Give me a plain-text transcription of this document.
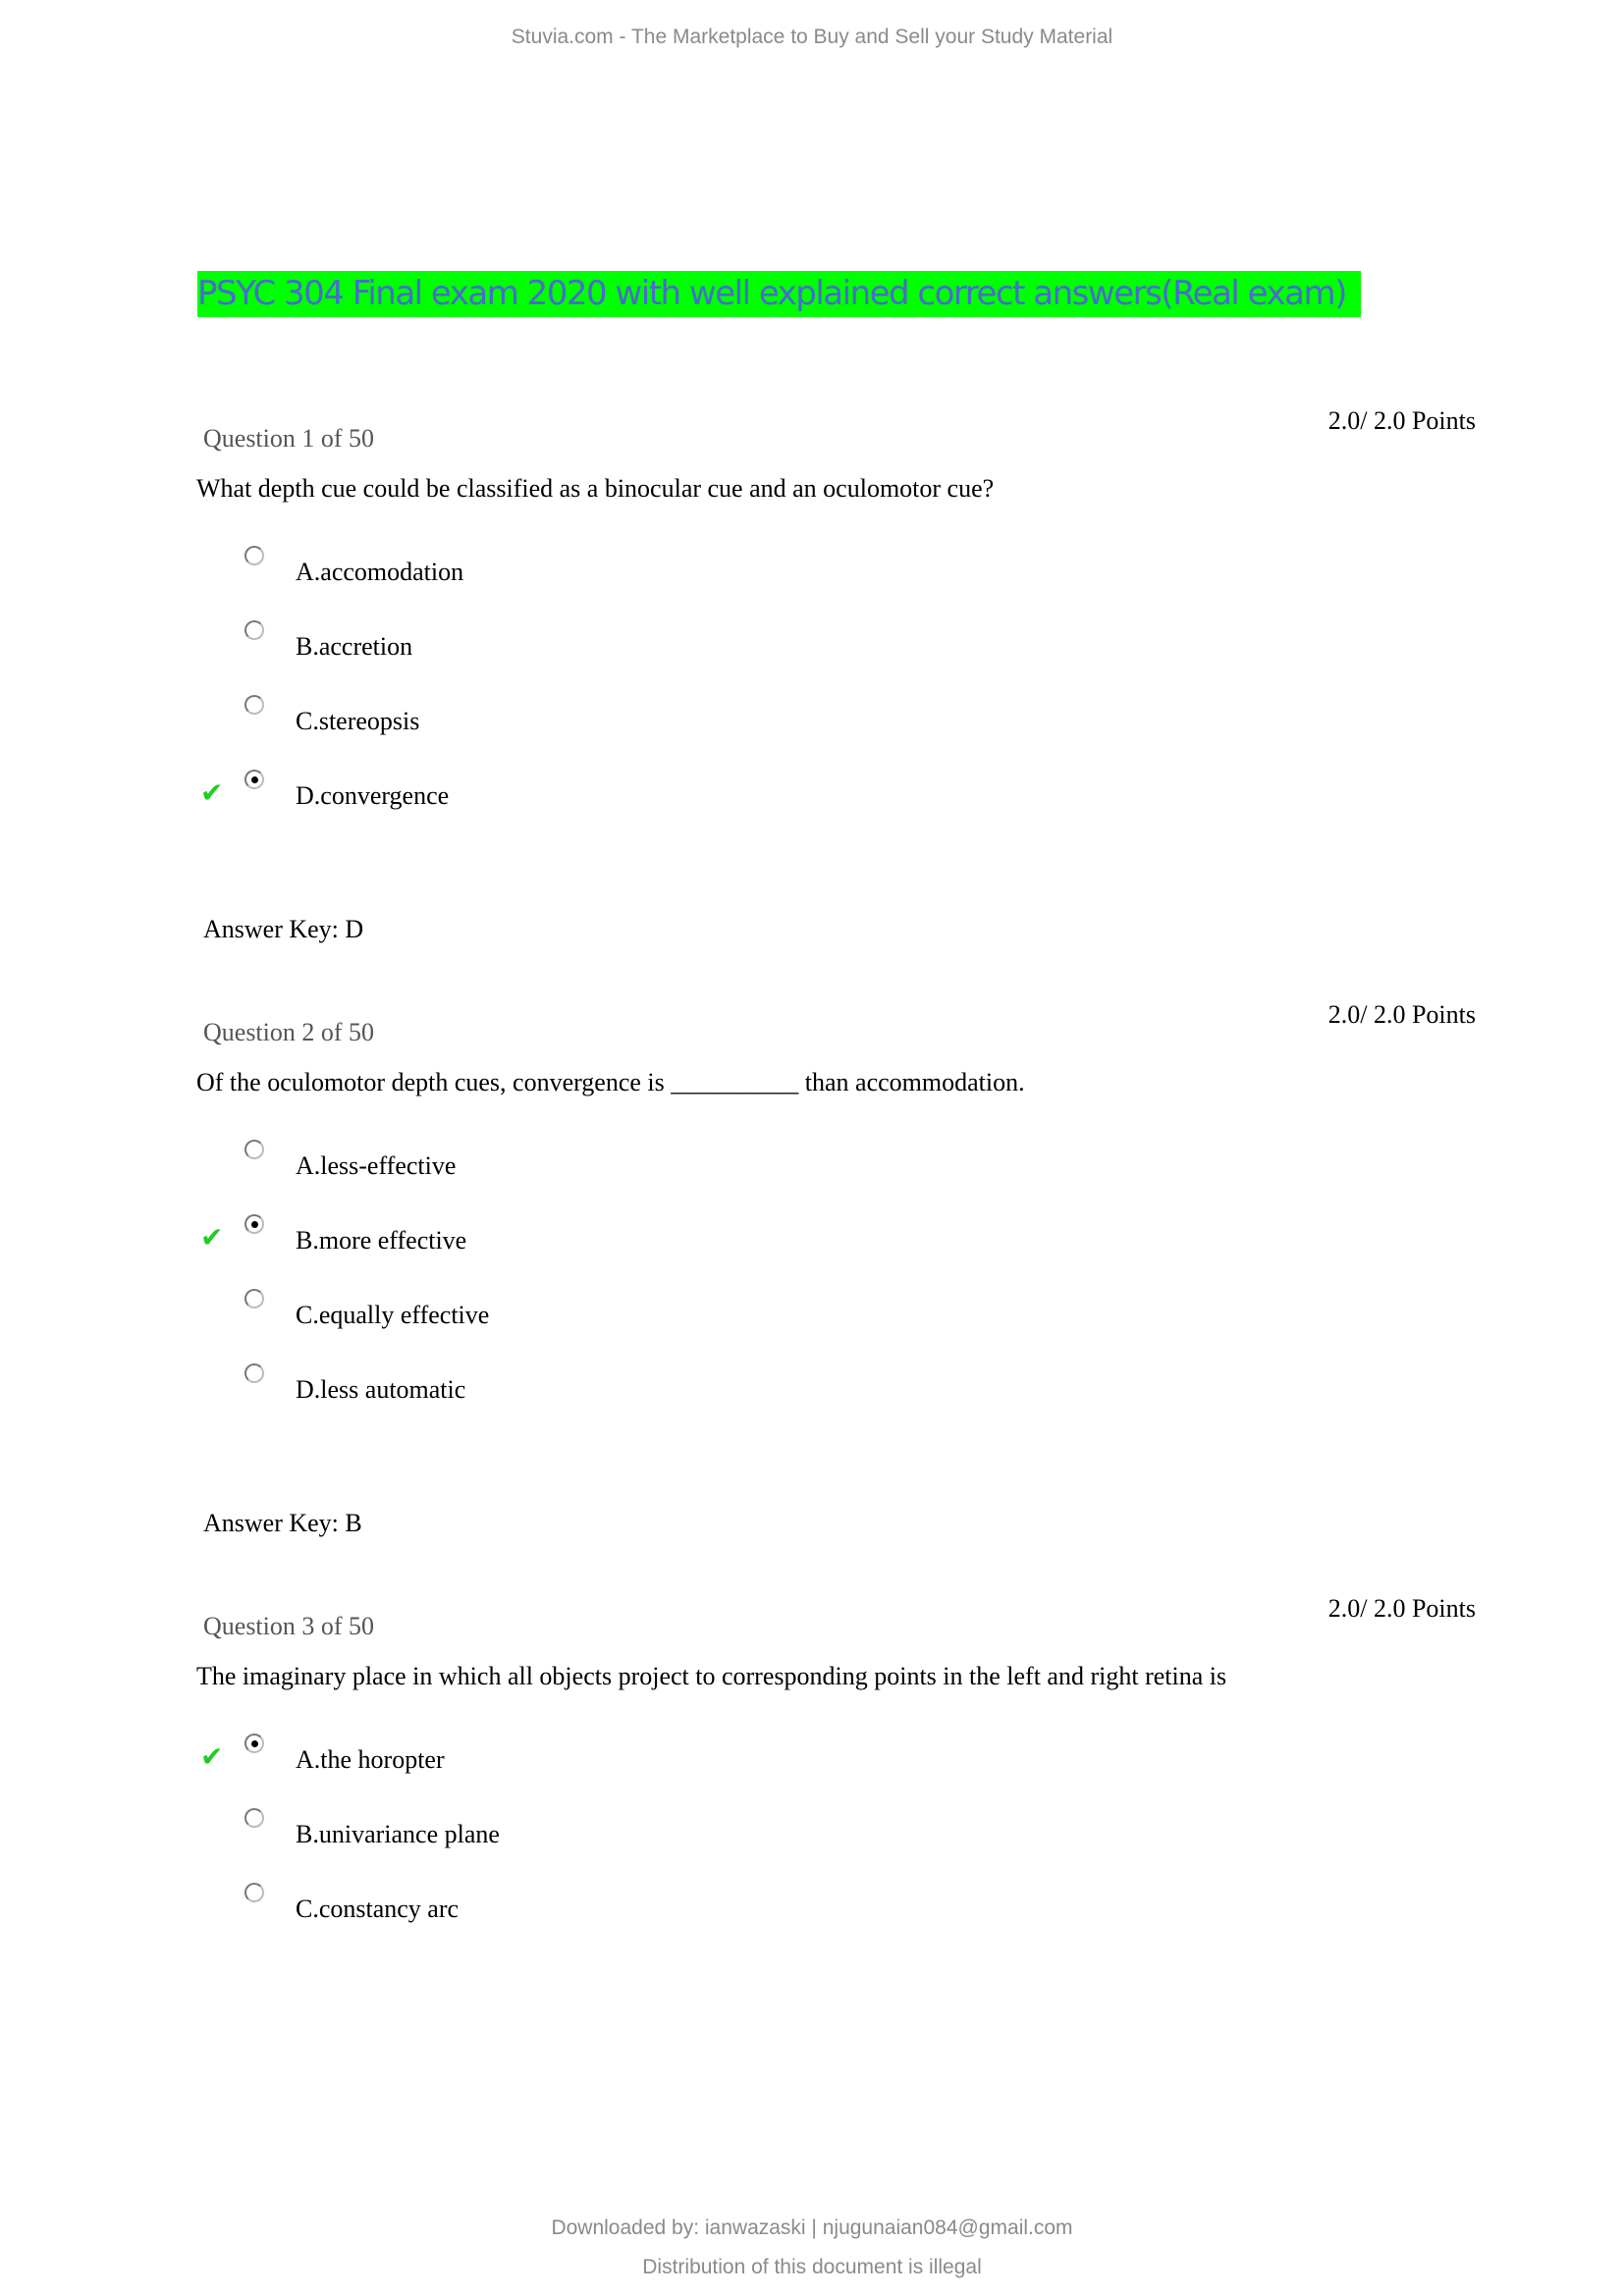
Stuvia.com - The Marketplace to Buy and Sell your Study Material
PSYC 304 Final exam 2020 with well explained correct answers(Real exam)
2.0/ 2.0 Points
Question 1 of 50
What depth cue could be classified as a binocular cue and an oculomotor cue?
A.accomodation
B.accretion
C.stereopsis
✔	D.convergence
Answer Key: D
2.0/ 2.0 Points
Question 2 of 50
Of the oculomotor depth cues, convergence is __________ than accommodation.
A.less-effective
✔	B.more effective
C.equally effective
D.less automatic
Answer Key: B
2.0/ 2.0 Points
Question 3 of 50
The imaginary place in which all objects project to corresponding points in the left and right retina is
✔	A.the horopter
B.univariance plane
C.constancy arc
Downloaded by: ianwazaski | njugunaian084@gmail.com
Distribution of this document is illegal
